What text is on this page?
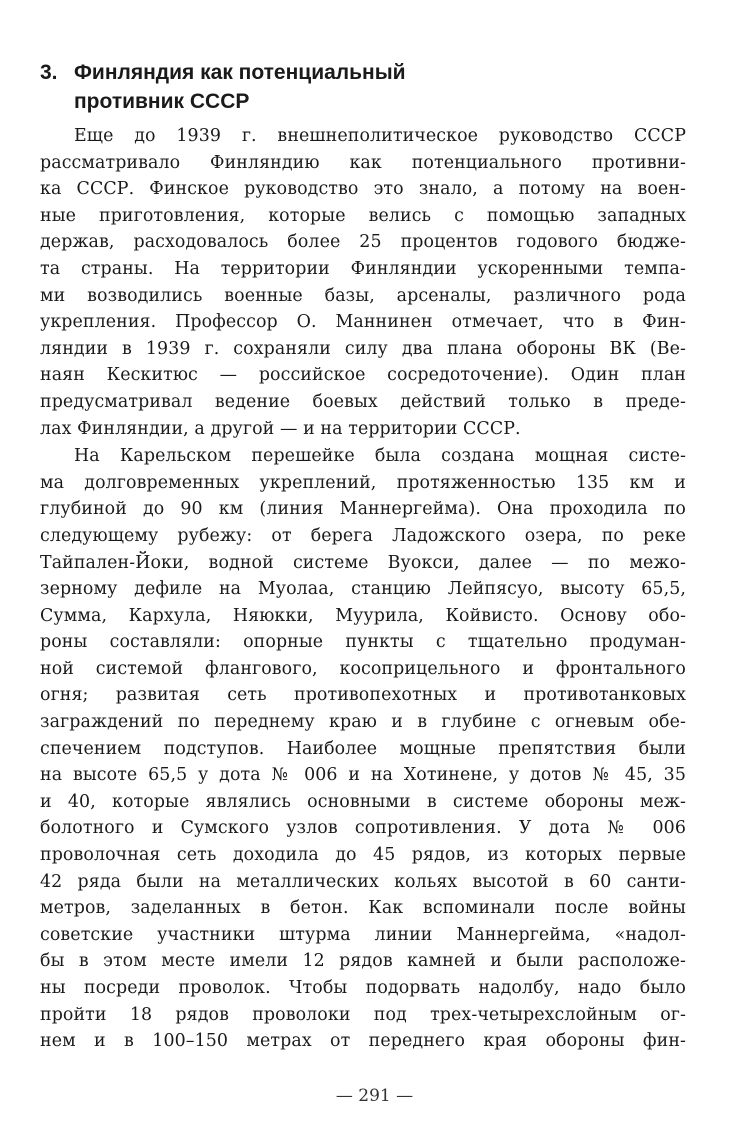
3. Финляндия как потенциальный
противник СССР
Еще до 1939 г. внешнеполитическое руководство СССР
рассматривало Финляндию как потенциального противни-
ка СССР. Финское руководство это знало, а потому на воен-
ные приготовления, которые велись с помощью западных
держав, расходовалось более 25 процентов годового бюдже-
та страны. На территории Финляндии ускоренными темпа-
ми возводились военные базы, арсеналы, различного рода
укрепления. Профессор О. Маннинен отмечает, что в Фин-
ляндии в 1939 г. сохраняли силу два плана обороны ВК (Ве-
наян Кескитюс — российское сосредоточение). Один план
предусматривал ведение боевых действий только в преде-
лах Финляндии, а другой — и на территории СССР.
На Карельском перешейке была создана мощная систе-
ма долговременных укреплений, протяженностью 135 км и
глубиной до 90 км (линия Маннергейма). Она проходила по
следующему рубежу: от берега Ладожского озера, по реке
Тайпален-Йоки, водной системе Вуокси, далее — по межо-
зерному дефиле на Муолаа, станцию Лейпясуо, высоту 65,5,
Сумма, Кархула, Няюкки, Муурила, Койвисто. Основу обо-
роны составляли: опорные пункты с тщательно продуман-
ной системой флангового, косоприцельного и фронтального
огня; развитая сеть противопехотных и противотанковых
заграждений по переднему краю и в глубине с огневым обе-
спечением подступов. Наиболее мощные препятствия были
на высоте 65,5 у дота № 006 и на Хотинене, у дотов № 45, 35
и 40, которые являлись основными в системе обороны меж-
болотного и Сумского узлов сопротивления. У дота № 006
проволочная сеть доходила до 45 рядов, из которых первые
42 ряда были на металлических кольях высотой в 60 санти-
метров, заделанных в бетон. Как вспоминали после войны
советские участники штурма линии Маннергейма, «надол-
бы в этом месте имели 12 рядов камней и были расположе-
ны посреди проволок. Чтобы подорвать надолбу, надо было
пройти 18 рядов проволоки под трех-четырехслойным ог-
нем и в 100–150 метрах от переднего края обороны фин-
— 291 —
